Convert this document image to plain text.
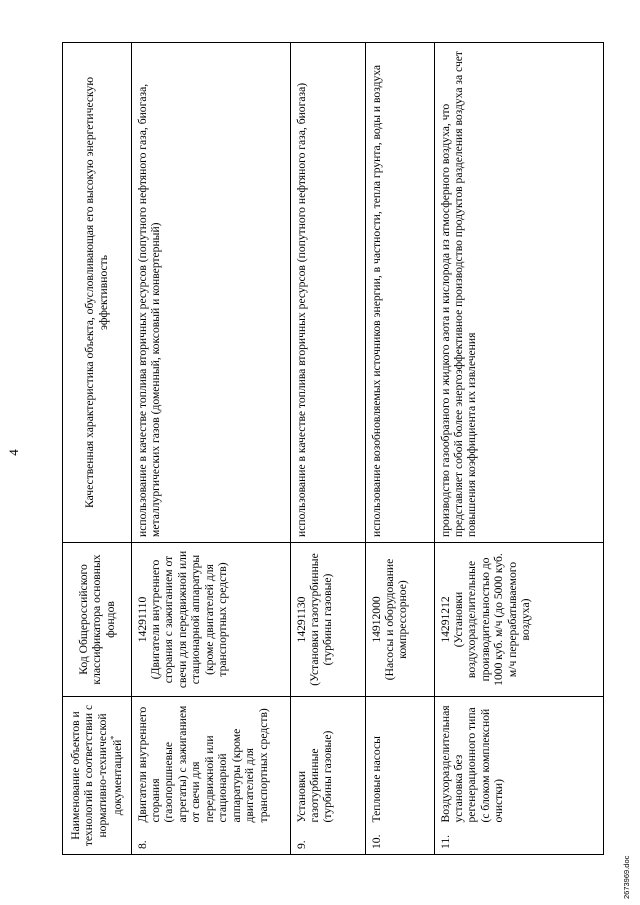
4
Наименование объектов и технологий в соответствии с нормативно-технической документацией*		Код Общероссийского классификатора основных фондов	Качественная характеристика объекта, обусловливающая его высокую энергетическую эффективность
8.	Двигатели внутреннего сгорания (газопоршневые агрегаты) с зажиганием от свечи для передвижной или стационарной аппаратуры (кроме двигателей для транспортных средств)	14291110 (Двигатели внутреннего сгорания с зажиганием от свечи для передвижной или стационарной аппаратуры (кроме двигателей для транспортных средств)	использование в качестве топлива вторичных ресурсов (попутного нефтяного газа, биогаза, металлургических газов (доменный, коксовый и конвертерный)
9.	Установки газотурбинные (турбины газовые)	14291130 (Установки газотурбинные (турбины газовые)	использование в качестве топлива вторичных ресурсов (попутного нефтяного газа, биогаза)
10.	Тепловые насосы	14912000 (Насосы и оборудование компрессорное)	использование возобновляемых источников энергии, в частности, тепла грунта, воды и воздуха
11.	Воздухоразделительная установка без регенерационного типа (с блоком комплексной очистки)	14291212 (Установки воздухоразделительные производительностью до 1000 куб. м/ч (до 5000 куб. м/ч перерабатываемого воздуха)	производство газообразного и жидкого азота и кислорода из атмосферного воздуха, что представляет собой более энергоэффективное производство продуктов разделения воздуха за счет повышения коэффициента их извлечения
2673969.doc
